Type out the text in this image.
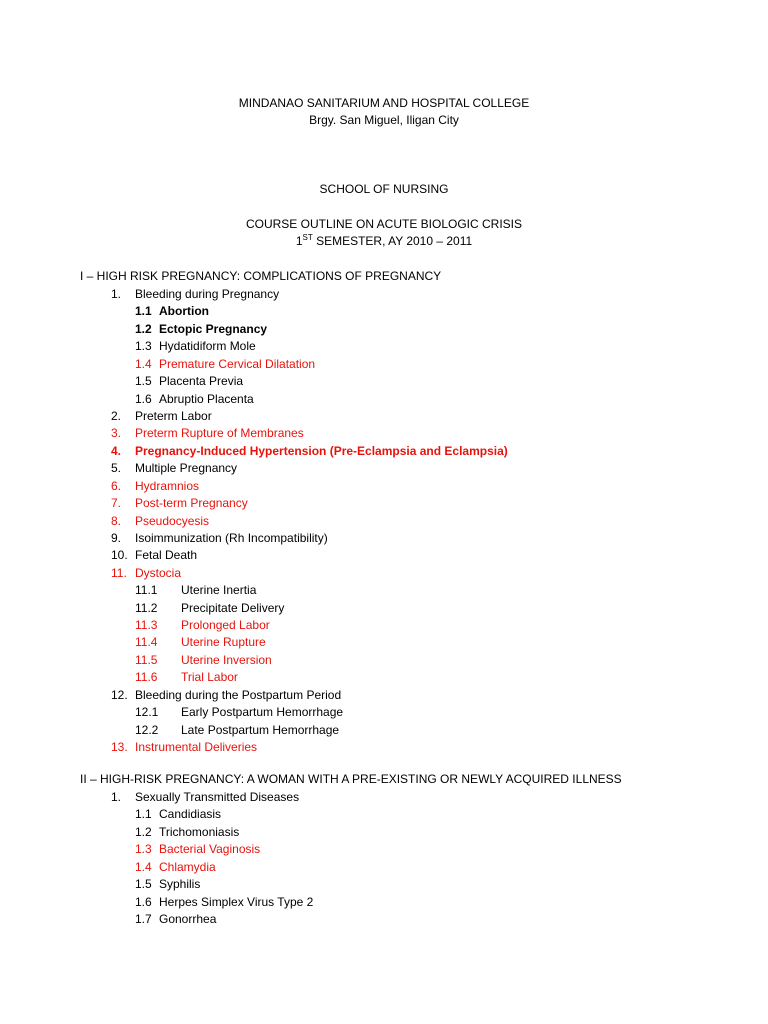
MINDANAO SANITARIUM AND HOSPITAL COLLEGE
Brgy. San Miguel, Iligan City
SCHOOL OF NURSING
COURSE OUTLINE ON ACUTE BIOLOGIC CRISIS
1ST SEMESTER, AY 2010 – 2011
I – HIGH RISK PREGNANCY: COMPLICATIONS OF PREGNANCY
1. Bleeding during Pregnancy
1.1 Abortion
1.2 Ectopic Pregnancy
1.3 Hydatidiform Mole
1.4 Premature Cervical Dilatation
1.5 Placenta Previa
1.6 Abruptio Placenta
2. Preterm Labor
3. Preterm Rupture of Membranes
4. Pregnancy-Induced Hypertension (Pre-Eclampsia and Eclampsia)
5. Multiple Pregnancy
6. Hydramnios
7. Post-term Pregnancy
8. Pseudocyesis
9. Isoimmunization (Rh Incompatibility)
10. Fetal Death
11. Dystocia
11.1 Uterine Inertia
11.2 Precipitate Delivery
11.3 Prolonged Labor
11.4 Uterine Rupture
11.5 Uterine Inversion
11.6 Trial Labor
12. Bleeding during the Postpartum Period
12.1 Early Postpartum Hemorrhage
12.2 Late Postpartum Hemorrhage
13. Instrumental Deliveries
II – HIGH-RISK PREGNANCY: A WOMAN WITH A PRE-EXISTING OR NEWLY ACQUIRED ILLNESS
1. Sexually Transmitted Diseases
1.1 Candidiasis
1.2 Trichomoniasis
1.3 Bacterial Vaginosis
1.4 Chlamydia
1.5 Syphilis
1.6 Herpes Simplex Virus Type 2
1.7 Gonorrhea
